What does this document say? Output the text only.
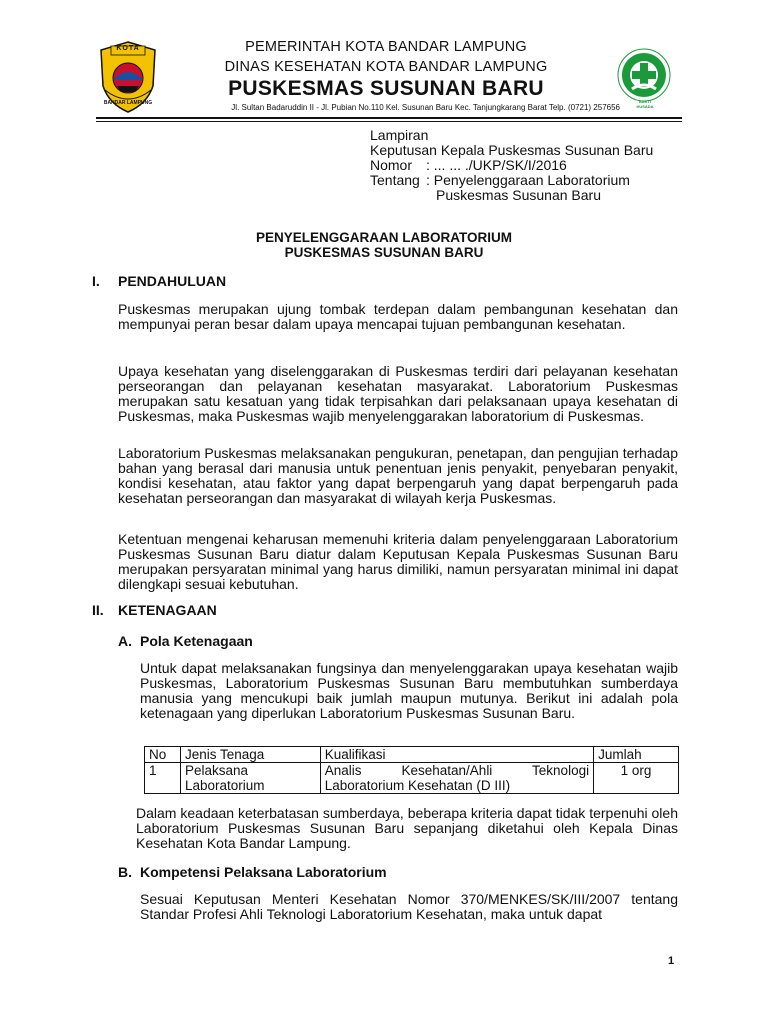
KOTA
BANDAR LAMPUNG	BAKTI HUSADA
PEMERINTAH KOTA BANDAR LAMPUNG
DINAS KESEHATAN KOTA BANDAR LAMPUNG
PUSKESMAS SUSUNAN BARU
Jl. Sultan Badaruddin II - Jl. Pubian No.110 Kel. Susunan Baru Kec. Tanjungkarang Barat Telp. (0721) 257656
Lampiran
Keputusan Kepala Puskesmas Susunan Baru
Nomor : ... ... ./UKP/SK/I/2016
Tentang : Penyelenggaraan Laboratorium
Puskesmas Susunan Baru
PENYELENGGARAAN LABORATORIUM
PUSKESMAS SUSUNAN BARU
I. PENDAHULUAN
Puskesmas merupakan ujung tombak terdepan dalam pembangunan kesehatan dan mempunyai peran besar dalam upaya mencapai tujuan pembangunan kesehatan.
Upaya kesehatan yang diselenggarakan di Puskesmas terdiri dari pelayanan kesehatan perseorangan dan pelayanan kesehatan masyarakat. Laboratorium Puskesmas merupakan satu kesatuan yang tidak terpisahkan dari pelaksanaan upaya kesehatan di Puskesmas, maka Puskesmas wajib menyelenggarakan laboratorium di Puskesmas.
Laboratorium Puskesmas melaksanakan pengukuran, penetapan, dan pengujian terhadap bahan yang berasal dari manusia untuk penentuan jenis penyakit, penyebaran penyakit, kondisi kesehatan, atau faktor yang dapat berpengaruh yang dapat berpengaruh pada kesehatan perseorangan dan masyarakat di wilayah kerja Puskesmas.
Ketentuan mengenai keharusan memenuhi kriteria dalam penyelenggaraan Laboratorium Puskesmas Susunan Baru diatur dalam Keputusan Kepala Puskesmas Susunan Baru merupakan persyaratan minimal yang harus dimiliki, namun persyaratan minimal ini dapat dilengkapi sesuai kebutuhan.
II. KETENAGAAN
A. Pola Ketenagaan
Untuk dapat melaksanakan fungsinya dan menyelenggarakan upaya kesehatan wajib Puskesmas, Laboratorium Puskesmas Susunan Baru membutuhkan sumberdaya manusia yang mencukupi baik jumlah maupun mutunya. Berikut ini adalah pola ketenagaan yang diperlukan Laboratorium Puskesmas Susunan Baru.
No	Jenis Tenaga	Kualifikasi	Jumlah
1	Pelaksana Laboratorium	Analis Kesehatan/Ahli Teknologi Laboratorium Kesehatan (D III)	1 org
Dalam keadaan keterbatasan sumberdaya, beberapa kriteria dapat tidak terpenuhi oleh Laboratorium Puskesmas Susunan Baru sepanjang diketahui oleh Kepala Dinas Kesehatan Kota Bandar Lampung.
B. Kompetensi Pelaksana Laboratorium
Sesuai Keputusan Menteri Kesehatan Nomor 370/MENKES/SK/III/2007 tentang Standar Profesi Ahli Teknologi Laboratorium Kesehatan, maka untuk dapat
1
